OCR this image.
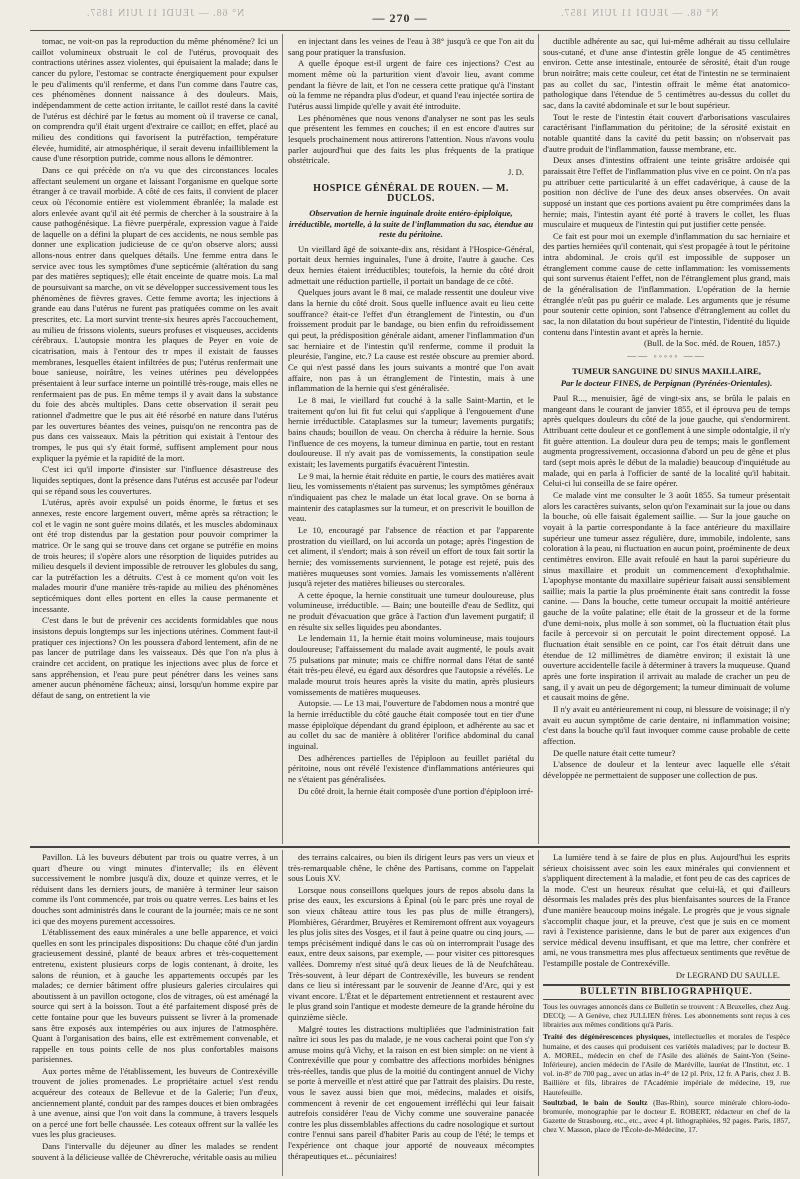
N° 68. — JEUDI 11 JUIN 1857.	— 270 —	N° 68. — JEUDI 11 JUIN 1857.

tomac, ne voit-on pas la reproduction du même phénomène? Ici un caillot volumineux obstruait le col de l'utérus, provoquait des contractions utérines assez violentes, qui épuisaient la malade; dans le cancer du pylore, l'estomac se contracte énergiquement pour expulser le peu d'aliments qu'il renferme, et dans l'un comme dans l'autre cas, ces phénomènes donnent naissance à des douleurs. Mais, indépendamment de cette action irritante, le caillot resté dans la cavité de l'utérus est déchiré par le fœtus au moment où il traverse ce canal, on comprendra qu'il était urgent d'extraire ce caillot; en effet, placé au milieu des conditions qui favorisent la putréfaction, température élevée, humidité, air atmosphérique, il serait devenu infailliblement la cause d'une résorption putride, comme nous allons le démontrer.

Dans ce qui précède on n'a vu que des circonstances locales affectant seulement un organe et laissant l'organisme en quelque sorte étranger à ce travail morbide. A côté de ces faits, il convient de placer ceux où l'économie entière est violemment ébranlée; la malade est alors enlevée avant qu'il ait été permis de chercher à la soustraire à la cause pathogénésique. La fièvre puerpérale, expression vague à l'aide de laquelle on a défini la plupart de ces accidents, ne nous semble pas donner une explication judicieuse de ce qu'on observe alors; aussi allons-nous entrer dans quelques détails. Une femme entra dans le service avec tous les symptômes d'une septicémie (altération du sang par des matières septiques); elle était enceinte de quatre mois. La mal de poursuivant sa marche, on vit se développer successivement tous les phénomènes de fièvres graves. Cette femme avorta; les injections à grande eau dans l'utérus ne furent pas pratiquées comme on les avait prescrites, etc. La mort survint trente-six heures après l'accouchement, au milieu de frissons violents, sueurs profuses et visqueuses, accidents cérébraux. L'autopsie montra les plaques de Peyer en voie de cicatrisation, mais à l'entour des tr mpes il existait de fausses membranes, lesquelles étaient infiltrées de pus; l'utérus renfermait une boue sanieuse, noirâtre, les veines utérines peu développées présentaient à leur surface interne un pointillé très-rouge, mais elles ne renfermaient pas de pus. En même temps il y avait dans la substance du foie des abcès multiples. Dans cette observation il serait peu rationnel d'admettre que le pus ait été résorbé en nature dans l'utérus par les ouvertures béantes des veines, puisqu'on ne rencontra pas de pus dans ces vaisseaux. Mais la pétrition qui existait à l'entour des trompes, le pus qui s'y était formé, suffisent amplement pour nous expliquer la pyémie et la rapidité de la mort.

C'est ici qu'il importe d'insister sur l'influence désastreuse des liquides septiques, dont la présence dans l'utérus est accusée par l'odeur qui se répand sous les couvertures.

L'utérus, après avoir expulsé un poids énorme, le fœtus et ses annexes, reste encore largement ouvert, même après sa rétraction; le col et le vagin ne sont guère moins dilatés, et les muscles abdominaux ont été trop distendus par la gestation pour pouvoir comprimer la matrice. Or le sang qui se trouve dans cet organe se putréfie en moins de trois heures; il s'opère alors une résorption de liquides putrides au milieu desquels il devient impossible de retrouver les globules du sang, car la putréfaction les a détruits. C'est à ce moment qu'on voit les malades mourir d'une manière très-rapide au milieu des phénomènes septicémiques dont elles portent en elles la cause permanente et incessante.

C'est dans le but de prévenir ces accidents formidables que nous insistons depuis longtemps sur les injections utérines. Comment faut-il pratiquer ces injections? On les poussera d'abord lentement, afin de ne pas lancer de putrilage dans les vaisseaux. Dès que l'on n'a plus à craindre cet accident, on pratique les injections avec plus de force et sans appréhension, et l'eau pure peut pénétrer dans les veines sans amener aucun phénomène fâcheux; ainsi, lorsqu'un homme expire par défaut de sang, on entretient la vie

en injectant dans les veines de l'eau à 38° jusqu'à ce que l'on ait du sang pour pratiquer la transfusion.

A quelle époque est-il urgent de faire ces injections? C'est au moment même où la parturition vient d'avoir lieu, avant comme pendant la fièvre de lait, et l'on ne cessera cette pratique qu'à l'instant où la femme ne répandra plus d'odeur, et quand l'eau injectée sortira de l'utérus aussi limpide qu'elle y avait été introduite.

Les phénomènes que nous venons d'analyser ne sont pas les seuls que présentent les femmes en couches; il en est encore d'autres sur lesquels prochainement nous attirerons l'attention. Nous n'avons voulu parler aujourd'hui que des faits les plus fréquents de la pratique obstétricale.

J. D.
HOSPICE GÉNÉRAL DE ROUEN. — M. DUCLOS.
Observation de hernie inguinale droite entéro-épiploïque, irréductible, mortelle, à la suite de l'inflammation du sac, étendue au reste du péritoine.

Un vieillard âgé de soixante-dix ans, résidant à l'Hospice-Général, portait deux hernies inguinales, l'une à droite, l'autre à gauche. Ces deux hernies étaient irréductibles; toutefois, la hernie du côté droit admettait une réduction partielle, il portait un bandage de ce côté.

Quelques jours avant le 8 mai, ce malade ressentit une douleur vive dans la hernie du côté droit. Sous quelle influence avait eu lieu cette souffrance? était-ce l'effet d'un étranglement de l'intestin, ou d'un froissement produit par le bandage, ou bien enfin du refroidissement qui peut, la prédisposition générale aidant, amener l'inflammation d'un sac herniaire et de l'intestin qu'il renferme, comme il produit la pleurésie, l'angine, etc.? La cause est restée obscure au premier abord. Ce qui n'est passé dans les jours suivants a montré que l'on avait affaire, non pas à un étranglement de l'intestin, mais à une inflammation de la hernie qui s'est généralisée.

Le 8 mai, le vieillard fut couché à la salle Saint-Martin, et le traitement qu'on lui fit fut celui qui s'applique à l'engouement d'une hernie irréductible. Cataplasmes sur la tumeur; lavements purgatifs; bains chauds; bouillon de veau. On chercha à réduire la hernie. Sous l'influence de ces moyens, la tumeur diminua en partie, tout en restant douloureuse. Il n'y avait pas de vomissements, la constipation seule existait; les lavements purgatifs évacuèrent l'intestin.

Le 9 mai, la hernie était réduite en partie, le cours des matières avait lieu, les vomissements n'étaient pas survenus; les symptômes généraux n'indiquaient pas chez le malade un état local grave. On se borna à maintenir des cataplasmes sur la tumeur, et on prescrivit le bouillon de veau.

Le 10, encouragé par l'absence de réaction et par l'apparente prostration du vieillard, on lui accorda un potage; après l'ingestion de cet aliment, il s'endort; mais à son réveil un effort de toux fait sortir la hernie; des vomissements surviennent, le potage est rejeté, puis des matières muqueuses sont vomies. Jamais les vomissements n'allèrent jusqu'à rejeter des matières bilieuses ou stercorales.

A cette époque, la hernie constituait une tumeur douloureuse, plus volumineuse, irréductible. — Bain; une bouteille d'eau de Sedlitz, qui ne produit d'évacuation que grâce à l'action d'un lavement purgatif; il en résulte six selles liquides peu abondantes.

Le lendemain 11, la hernie était moins volumineuse, mais toujours douloureuse; l'affaissement du malade avait augmenté, le pouls avait 75 pulsations par minute; mais ce chiffre normal dans l'état de santé était très-peu élevé, eu égard aux désordres que l'autopsie a révélés. Le malade mourut trois heures après la visite du matin, après plusieurs vomissements de matières muqueuses.

Autopsie. — Le 13 mai, l'ouverture de l'abdomen nous a montré que la hernie irréductible du côté gauche était composée tout en tier d'une masse épiploïque dépendant du grand épiploon, et adhérente au sac et au collet du sac de manière à oblitérer l'orifice abdominal du canal inguinal.

Des adhérences partielles de l'épiploon au feuillet pariétal du péritoine, nous ont révélé l'existence d'inflammations antérieures qui ne s'étaient pas généralisées.

Du côté droit, la hernie était composée d'une portion d'épiploon irré-

ductible adhérente au sac, qui lui-même adhérait au tissu cellulaire sous-cutané, et d'une anse d'intestin grêle longue de 45 centimètres environ. Cette anse intestinale, entourée de sérosité, était d'un rouge brun noirâtre; mais cette couleur, cet état de l'intestin ne se terminaient pas au collet du sac, l'intestin offrait le même état anatomico-pathologique dans l'étendue de 5 centimètres au-dessus du collet du sac, dans la cavité abdominale et sur le bout supérieur.

Tout le reste de l'intestin était couvert d'arborisations vasculaires caractérisant l'inflammation du péritoine; de la sérosité existait en notable quantité dans la cavité du petit bassin; on n'observait pas d'autre produit de l'inflammation, fausse membrane, etc.

Deux anses d'intestins offraient une teinte grisâtre ardoisée qui paraissait être l'effet de l'inflammation plus vive en ce point. On n'a pas pu attribuer cette particularité à un effet cadavérique, à cause de la position non déclive de l'une des deux anses observées. On avait supposé un instant que ces portions avaient pu être comprimées dans la hernie; mais, l'intestin ayant été porté à travers le collet, les fluas musculaire et muqueux de l'intestin qui put justifier cette pensée.

Ce fait est pour moi un exemple d'inflammation du sac herniaire et des parties herniées qu'il contenait, qui s'est propagée à tout le péritoine intra abdominal. Je crois qu'il est impossible de supposer un étranglement comme cause de cette inflammation: les vomissements qui sont survenus étaient l'effet, non de l'étranglement plus grand, mais de la généralisation de l'inflammation. L'opération de la hernie étranglée n'eût pas pu guérir ce malade. Les arguments que je résume pour soutenir cette opinion, sont l'absence d'étranglement au collet du sac, la non dilatation du bout supérieur de l'intestin, l'identité du liquide contenu dans l'intestin avant et après la hernie.

(Bull. de la Soc. méd. de Rouen, 1857.)
—— ◦◦◦◦◦ ——
TUMEUR SANGUINE DU SINUS MAXILLAIRE,
Par le docteur FINES, de Perpignan (Pyrénées-Orientales).

Paul R..., menuisier, âgé de vingt-six ans, se brûla le palais en mangeant dans le courant de janvier 1855, et il éprouva peu de temps après quelques douleurs du côté de la joue gauche, qui s'endormirent. Attribuant cette douleur et ce gonflement à une simple odontalgie, il n'y fit guère attention. La douleur dura peu de temps; mais le gonflement augmenta progressivement, occasionna d'abord un peu de gêne et plus tard (sept mois après le début de la maladie) beaucoup d'inquiétude au malade, qui en parla à l'officier de santé de la localité qu'il habitait. Celui-ci lui conseilla de se faire opérer.

Ce malade vint me consulter le 3 août 1855. Sa tumeur présentait alors les caractères suivants, selon qu'on l'examinait sur la joue ou dans la bouche, où elle faisait également saillie. — Sur la joue gauche on voyait à la partie correspondante à la face antérieure du maxillaire supérieur une tumeur assez régulière, dure, immobile, indolente, sans coloration à la peau, ni fluctuation en aucun point, proéminente de deux centimètres environ. Elle avait refoulé en haut la paroi supérieure du sinus maxillaire et produit un commencement d'exophthalmie. L'apophyse montante du maxillaire supérieur faisait aussi sensiblement saillie; mais la partie la plus proéminente était sans contredit la fosse canine. — Dans la bouche, cette tumeur occupait la moitié antérieure gauche de la voûte palatine; elle était de la grosseur et de la forme d'une demi-noix, plus molle à son sommet, où la fluctuation était plus facile à percevoir si on percutait le point directement opposé. La fluctuation était sensible en ce point, car l'os était détruit dans une étendue de 12 millimètres de diamètre environ; il existait là une ouverture accidentelle facile à déterminer à travers la muqueuse. Quand après une forte inspiration il arrivait au malade de cracher un peu de sang, il y avait un peu de dégorgement; la tumeur diminuait de volume et causait moins de gêne.

Il n'y avait eu antérieurement ni coup, ni blessure de voisinage; il n'y avait eu aucun symptôme de carie dentaire, ni inflammation voisine; c'est dans la bouche qu'il faut invoquer comme cause probable de cette affection.

De quelle nature était cette tumeur?

L'absence de douleur et la lenteur avec laquelle elle s'était développée ne permettaient de supposer une collection de pus.

Pavillon. Là les buveurs débutent par trois ou quatre verres, à un quart d'heure ou vingt minutes d'intervalle; ils en élèvent successivement le nombre jusqu'à dix, douze et quinze verres, et le réduisent dans les derniers jours, de manière à terminer leur saison comme ils l'ont commencée, par trois ou quatre verres. Les bains et les douches sont administrés dans le courant de la journée; mais ce ne sont ici que des moyens purement accessoires.

L'établissement des eaux minérales a une belle apparence, et voici quelles en sont les principales dispositions: Du chaque côté d'un jardin gracieusement dessiné, planté de beaux arbres et très-coquettement entretenu, existent plusieurs corps de logis contenant, à droite, les salons de réunion, et à gauche les appartements occupés par les malades; ce dernier bâtiment offre plusieurs galeries circulaires qui aboutissent à un pavillon octogone, clos de vitrages, où est aménagé la source qui sert à la boisson. Tout a été parfaitement disposé près de cette fontaine pour que les buveurs puissent se livrer à la promenade sans être exposés aux intempéries ou aux injures de l'atmosphère. Quant à l'organisation des bains, elle est extrêmement convenable, et rappelle en tous points celle de nos plus confortables maisons parisiennes.

Aux portes même de l'établissement, les buveurs de Contrexéville trouvent de jolies promenades. Le propriétaire actuel s'est rendu acquéreur des coteaux de Bellevue et de la Galerie; l'un d'eux, anciennement planté, conduit par des rampes douces et bien ombragées à une avenue, ainsi que l'on voit dans la commune, à travers lesquels on a percé une fort belle chaussée. Les coteaux offrent sur la vallée les vues les plus gracieuses.

Dans l'intervalle du déjeuner au dîner les malades se rendent souvent à la délicieuse vallée de Chèvreroche, véritable oasis au milieu

des terrains calcaires, ou bien ils dirigent leurs pas vers un vieux et très-remarquable chêne, le chêne des Partisans, comme on l'appelait sous Louis XV.

Lorsque nous conseillons quelques jours de repos absolu dans la prise des eaux, les excursions à Épinal (où le parc près une royal de son vieux château attire tous les pas plus de mille étrangers), Plombières, Gérardmer, Bruyères et Remiremont offrent aux voyageurs les plus jolis sites des Vosges, et il faut à peine quatre ou cinq jours, — temps précisément indiqué dans le cas où on interromprait l'usage des eaux, entre deux saisons, par exemple, — pour visiter ces pittoresques vallées. Domremy n'est situé qu'à deux lieues de là de Neufchâteau. Très-souvent, à leur départ de Contrexéville, les buveurs se rendent dans ce lieu si intéressant par le souvenir de Jeanne d'Arc, qui y est vivant encore. L'État et le département entretiennent et restaurent avec le plus grand soin l'antique et modeste demeure de la grande héroïne du quinzième siècle.

Malgré toutes les distractions multipliées que l'administration fait naître ici sous les pas du malade, je ne vous cacherai point que l'on s'y amuse moins qu'à Vichy, et la raison en est bien simple: on ne vient à Contrexéville que pour y combattre des affections morbides bénignes très-réelles, tandis que plus de la moitié du contingent annuel de Vichy se porte à merveille et n'est attiré que par l'attrait des plaisirs. Du reste, vous le savez aussi bien que moi, médecins, malades et oisifs, commencent à revenir de cet engouement irréfléchi qui leur faisait autrefois considérer l'eau de Vichy comme une souveraine panacée contre les plus dissemblables affections du cadre nosologique et surtout contre l'ennui sans pareil d'habiter Paris au coup de l'été; le temps et l'expérience ont chaque jour apporté de nouveaux mécomptes thérapeutiques et... pécuniaires!

La lumière tend à se faire de plus en plus. Aujourd'hui les esprits sérieux choisissent avec soin les eaux minérales qui conviennent et s'appliquent directement à la maladie, et font peu de cas des caprices de la mode. C'est un heureux résultat que celui-là, et qui d'ailleurs désormais les malades près des plus bienfaisantes sources de la France d'une manière beaucoup moins inégale. Le progrès que je vous signale s'accomplit chaque jour, et la preuve, c'est que je suis en ce moment ravi à l'existence parisienne, dans le but de parer aux exigences d'un service médical devenu insuffisant, et que ma lettre, cher confrère et ami, ne vous transmettra mes plus affectueux sentiments que revêtue de l'estampille postale de Contrexéville.

Dr LEGRAND DU SAULLE.
BULLETIN BIBLIOGRAPHIQUE.
Tous les ouvrages annoncés dans ce Bulletin se trouvent : A Bruxelles, chez Aug. DECQ; — A Genève, chez JULLIEN frères. Les abonnements sont reçus à ces librairies aux mêmes conditions qu'à Paris.

Traité des dégénérescences physiques, intellectuelles et morales de l'espèce humaine, et des causes qui produisent ces variétés maladives; par le docteur B. A. MOREL, médecin en chef de l'Asile des aliénés de Saint-Yon (Seine-Inférieure), ancien médecin de l'Asile de Maréville, lauréat de l'Institut, etc. 1 vol. in-8° de 700 pag., avec un atlas in-4° de 12 pl. Prix, 12 fr. A Paris, chez J. B. Baillière et fils, libraires de l'Académie impériale de médecine, 19, rue Hautefeuille.

Soultzbad, le bain de Soultz (Bas-Rhin), source minérale chloro-iodo-bromurée, monographie par le docteur E. ROBERT, rédacteur en chef de la Gazette de Strasbourg, etc., etc., avec 4 pl. lithographiées, 92 pages. Paris, 1857, chez V. Masson, place de l'École-de-Médecine, 17.
